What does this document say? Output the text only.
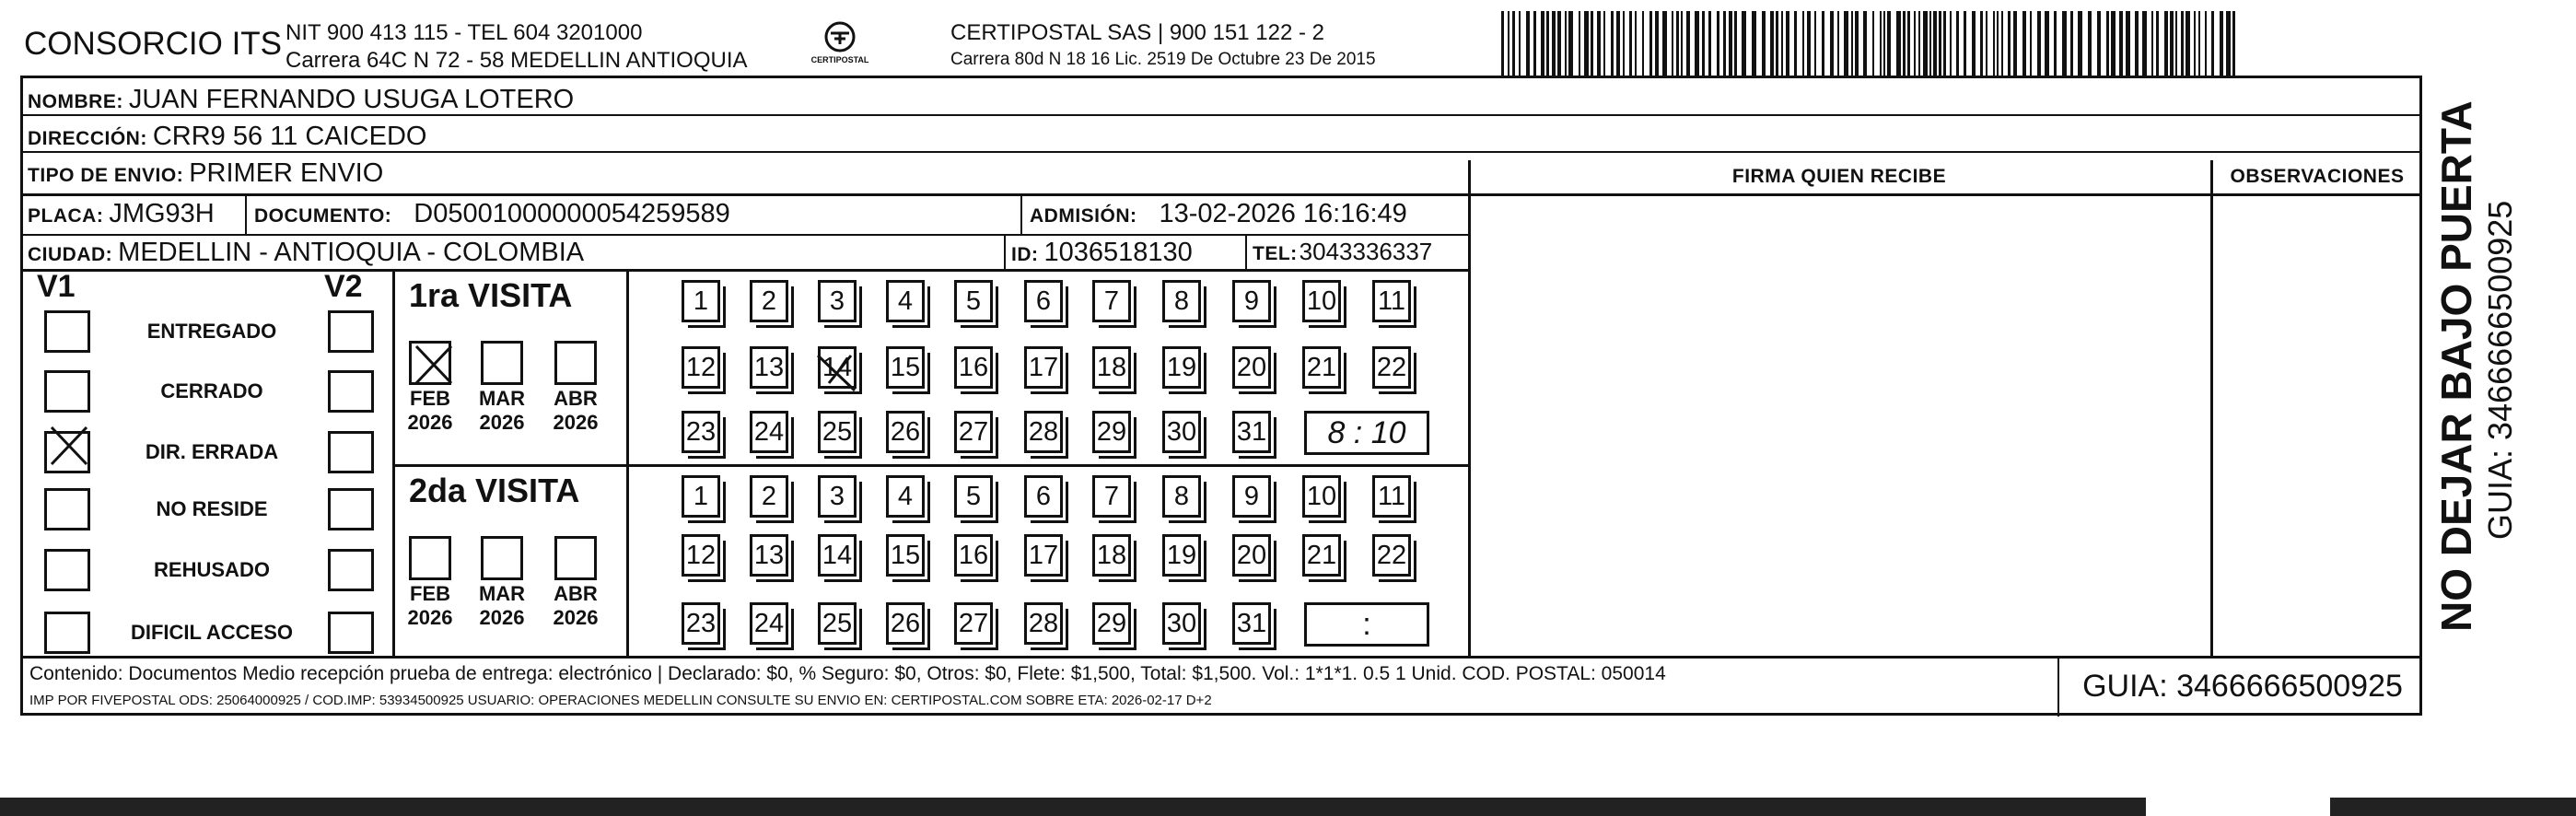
CONSORCIO ITS NIT 900 413 115 - TEL 604 3201000
Carrera 64C N 72 - 58 MEDELLIN ANTIOQUIA	CERTIPOSTAL
CERTIPOSTAL SAS | 900 151 122 - 2
Carrera 80d N 18 16 Lic. 2519 De Octubre 23 De 2015
NOMBRE: JUAN FERNANDO USUGA LOTERO
DIRECCIÓN: CRR9 56 11 CAICEDO
TIPO DE ENVIO: PRIMER ENVIO	FIRMA QUIEN RECIBE	OBSERVACIONES
PLACA: JMG93H DOCUMENTO: D05001000000054259589	ADMISIÓN: 13-02-2026 16:16:49
CIUDAD: MEDELLIN - ANTIOQUIA - COLOMBIA	ID: 1036518130	TEL: 3043336337
V1	V2
ENTREGADO
CERRADO
DIR. ERRADA
NO RESIDE
REHUSADO
DIFICIL ACCESO
1ra VISITA
2da VISITA
FEB
2026
MAR
2026
ABR
2026
FEB
2026
MAR
2026
ABR
2026
1	2	3	4	5	6	7	8	9	10 11
12 13 14 15 16 17 18 19 20 21 22
23 24 25 26 27 28 29 30 31	8 : 10
1	2	3	4	5	6	7	8	9	10 11
12 13 14 15 16 17 18 19 20 21 22
23 24 25 26 27 28 29 30 31	:
Contenido: Documentos Medio recepción prueba de entrega: electrónico | Declarado: $0, % Seguro: $0, Otros: $0, Flete: $1,500, Total: $1,500. Vol.: 1*1*1. 0.5 1 Unid. COD. POSTAL: 050014
IMP POR FIVEPOSTAL ODS: 25064000925 / COD.IMP: 53934500925 USUARIO: OPERACIONES MEDELLIN CONSULTE SU ENVIO EN: CERTIPOSTAL.COM SOBRE ETA: 2026-02-17 D+2	GUIA: 3466666500925
NO DEJAR BAJO PUERTA GUIA: 3466666500925
